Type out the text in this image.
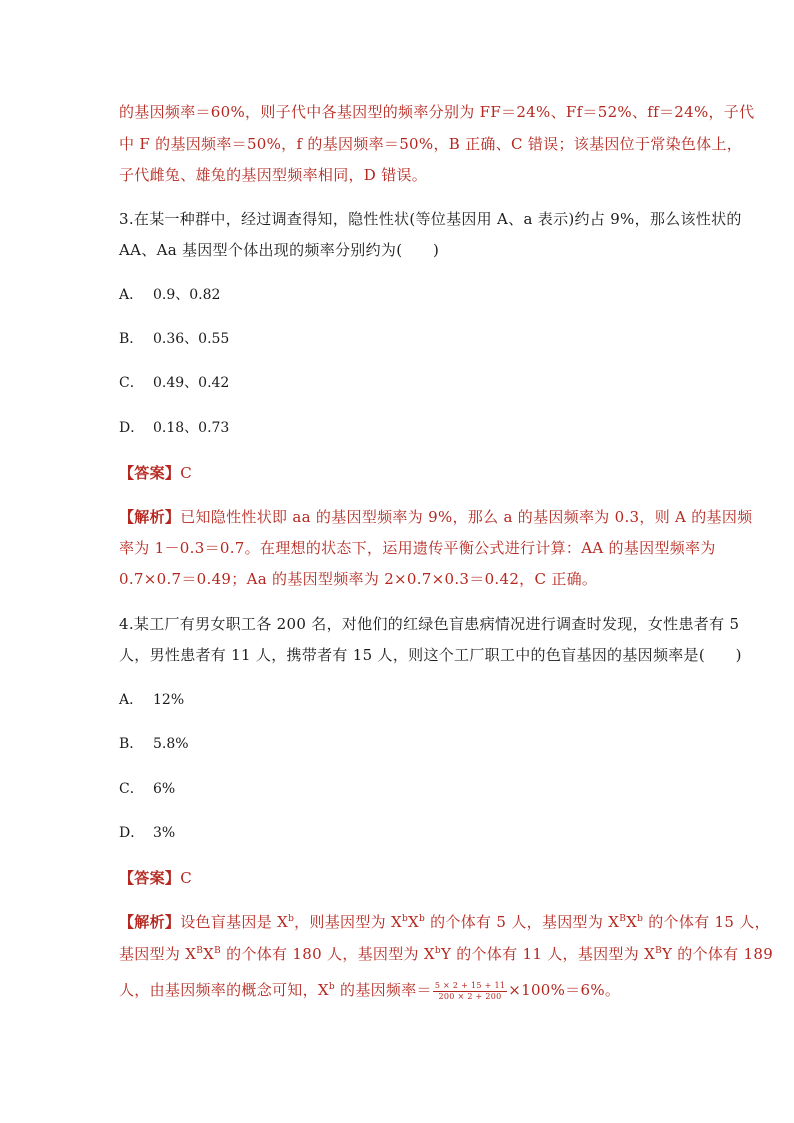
的基因频率＝60%，则子代中各基因型的频率分别为 FF＝24%、Ff＝52%、ff＝24%，子代
中 F 的基因频率＝50%，f 的基因频率＝50%，B 正确、C 错误；该基因位于常染色体上，
子代雌兔、雄兔的基因型频率相同，D 错误。
3.在某一种群中，经过调查得知，隐性性状(等位基因用 A、a 表示)约占 9%，那么该性状的
AA、Aa 基因型个体出现的频率分别约为(　　)
A． 0.9、0.82
B． 0.36、0.55
C． 0.49、0.42
D． 0.18、0.73
【答案】C
【解析】已知隐性性状即 aa 的基因型频率为 9%，那么 a 的基因频率为 0.3，则 A 的基因频
率为 1－0.3＝0.7。在理想的状态下，运用遗传平衡公式进行计算：AA 的基因型频率为
0.7×0.7＝0.49；Aa 的基因型频率为 2×0.7×0.3＝0.42，C 正确。
4.某工厂有男女职工各 200 名，对他们的红绿色盲患病情况进行调查时发现，女性患者有 5
人，男性患者有 11 人，携带者有 15 人，则这个工厂职工中的色盲基因的基因频率是(　　)
A． 12%
B． 5.8%
C． 6%
D． 3%
【答案】C
【解析】设色盲基因是 $X^b$，则基因型为 $X^bX^b$ 的个体有 5 人，基因型为 $X^BX^b$ 的个体有 15 人，
基因型为 $X^BX^B$ 的个体有 180 人，基因型为 $X^bY$ 的个体有 11 人，基因型为 $X^BY$ 的个体有 189
人，由基因频率的概念可知，$X^b$ 的基因频率＝ $\frac{5 \times 2 + 15 + 11}{200 \times 2 + 200} \times 100\%=6\%$。
